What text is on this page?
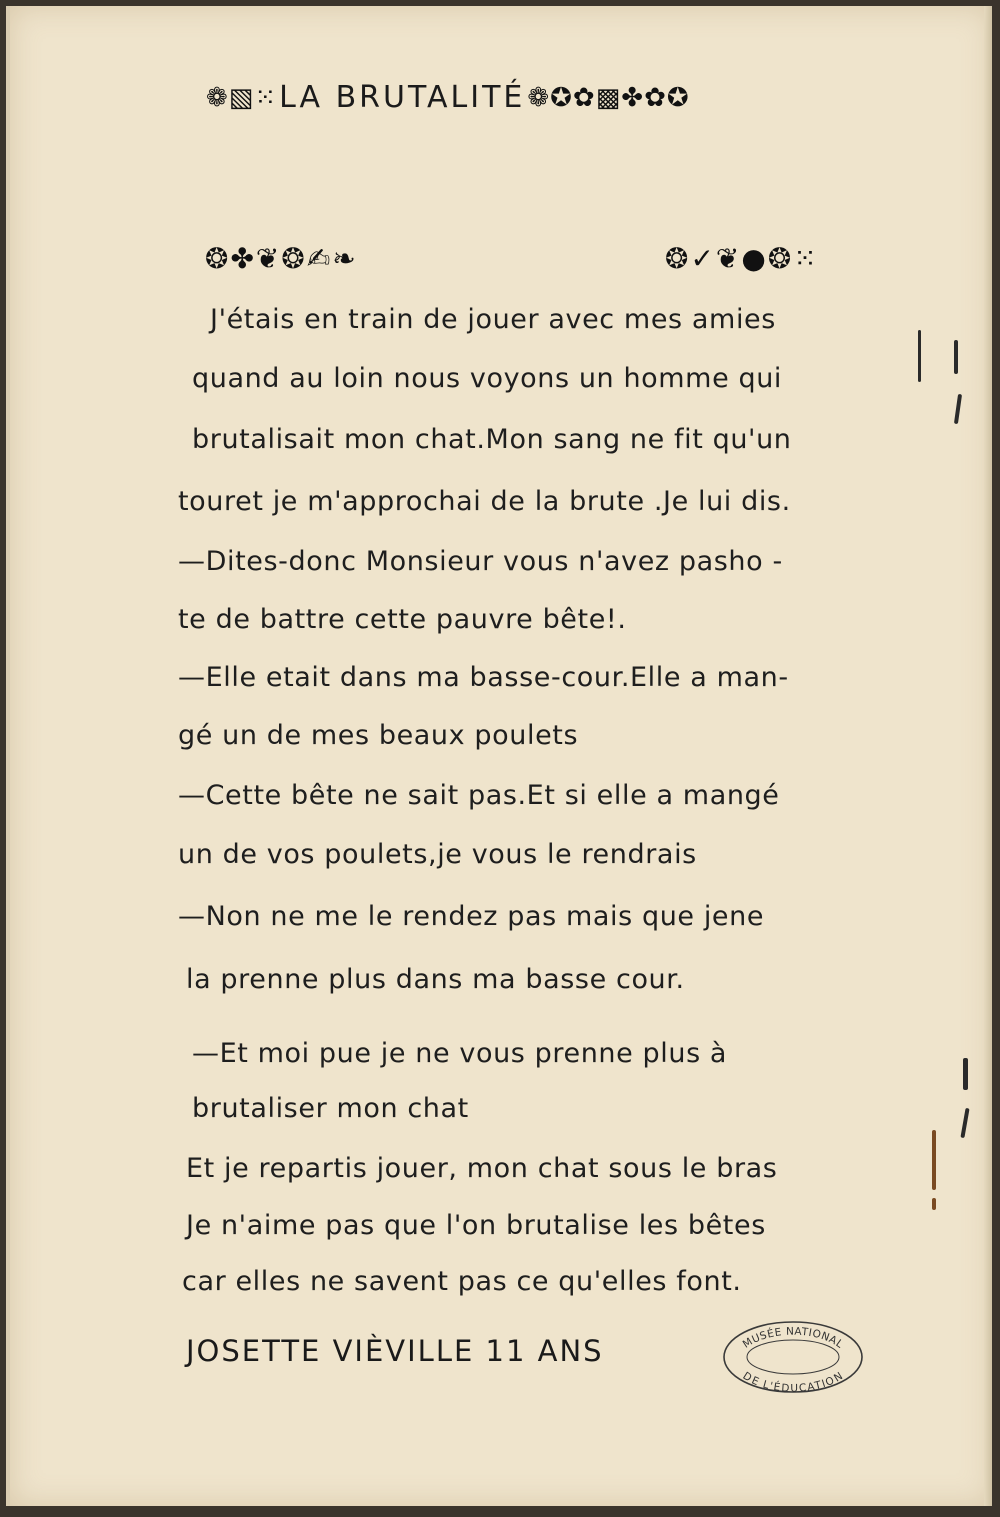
❁▧⁙ LA BRUTALITÉ ❁✪✿▩✤✿✪
❂✤❦❂✍❧	❂✓❦●❂⁙
J'étais en train de jouer avec mes amies
quand au loin nous voyons un homme qui
brutalisait mon chat.Mon sang ne fit qu'un
touret je m'approchai de la brute .Je lui dis.
—Dites-donc Monsieur vous n'avez pasho -
te de battre cette pauvre bête!.
—Elle etait dans ma basse-cour.Elle a man-
gé un de mes beaux poulets
—Cette bête ne sait pas.Et si elle a mangé
un de vos poulets,je vous le rendrais
—Non ne me le rendez pas mais que jene
la prenne plus dans ma basse cour.
—Et moi pue je ne vous prenne plus à
brutaliser mon chat
Et je repartis jouer, mon chat sous le bras
Je n'aime pas que l'on brutalise les bêtes
car elles ne savent pas ce qu'elles font.
JOSETTE VIÈVILLE 11 ANS	MUSÉE NATIONAL
DE L'ÉDUCATION
